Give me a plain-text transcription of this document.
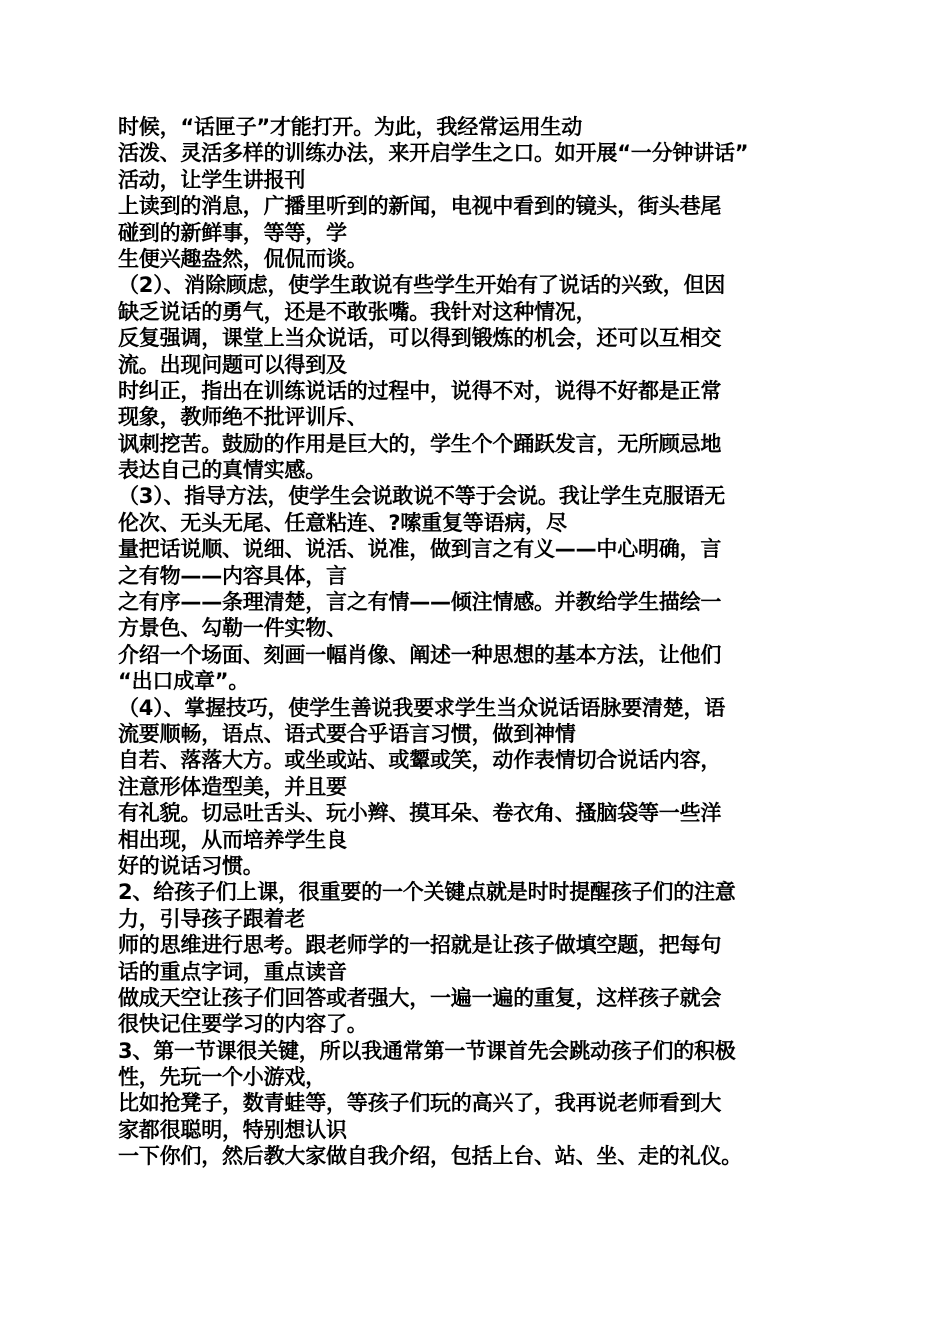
时候，“话匣子”才能打开。为此，我经常运用生动
活泼、灵活多样的训练办法，来开启学生之口。如开展“一分钟讲话”
活动，让学生讲报刊
上读到的消息，广播里听到的新闻，电视中看到的镜头，街头巷尾
碰到的新鲜事，等等，学
生便兴趣盎然，侃侃而谈。
（2）、消除顾虑，使学生敢说有些学生开始有了说话的兴致，但因
缺乏说话的勇气，还是不敢张嘴。我针对这种情况，
反复强调，课堂上当众说话，可以得到锻炼的机会，还可以互相交
流。出现问题可以得到及
时纠正，指出在训练说话的过程中，说得不对，说得不好都是正常
现象，教师绝不批评训斥、
讽刺挖苦。鼓励的作用是巨大的，学生个个踊跃发言，无所顾忌地
表达自己的真情实感。
（3）、指导方法，使学生会说敢说不等于会说。我让学生克服语无
伦次、无头无尾、任意粘连、?嗦重复等语病，尽
量把话说顺、说细、说活、说准，做到言之有义——中心明确，言
之有物——内容具体，言
之有序——条理清楚，言之有情——倾注情感。并教给学生描绘一
方景色、勾勒一件实物、
介绍一个场面、刻画一幅肖像、阐述一种思想的基本方法，让他们
“出口成章”。
（4）、掌握技巧，使学生善说我要求学生当众说话语脉要清楚，语
流要顺畅，语点、语式要合乎语言习惯，做到神情
自若、落落大方。或坐或站、或颦或笑，动作表情切合说话内容，
注意形体造型美，并且要
有礼貌。切忌吐舌头、玩小辫、摸耳朵、卷衣角、搔脑袋等一些洋
相出现，从而培养学生良
好的说话习惯。
2、给孩子们上课，很重要的一个关键点就是时时提醒孩子们的注意
力，引导孩子跟着老
师的思维进行思考。跟老师学的一招就是让孩子做填空题，把每句
话的重点字词，重点读音
做成天空让孩子们回答或者强大，一遍一遍的重复，这样孩子就会
很快记住要学习的内容了。
3、第一节课很关键，所以我通常第一节课首先会跳动孩子们的积极
性，先玩一个小游戏，
比如抢凳子，数青蛙等，等孩子们玩的高兴了，我再说老师看到大
家都很聪明，特别想认识
一下你们，然后教大家做自我介绍，包括上台、站、坐、走的礼仪。
